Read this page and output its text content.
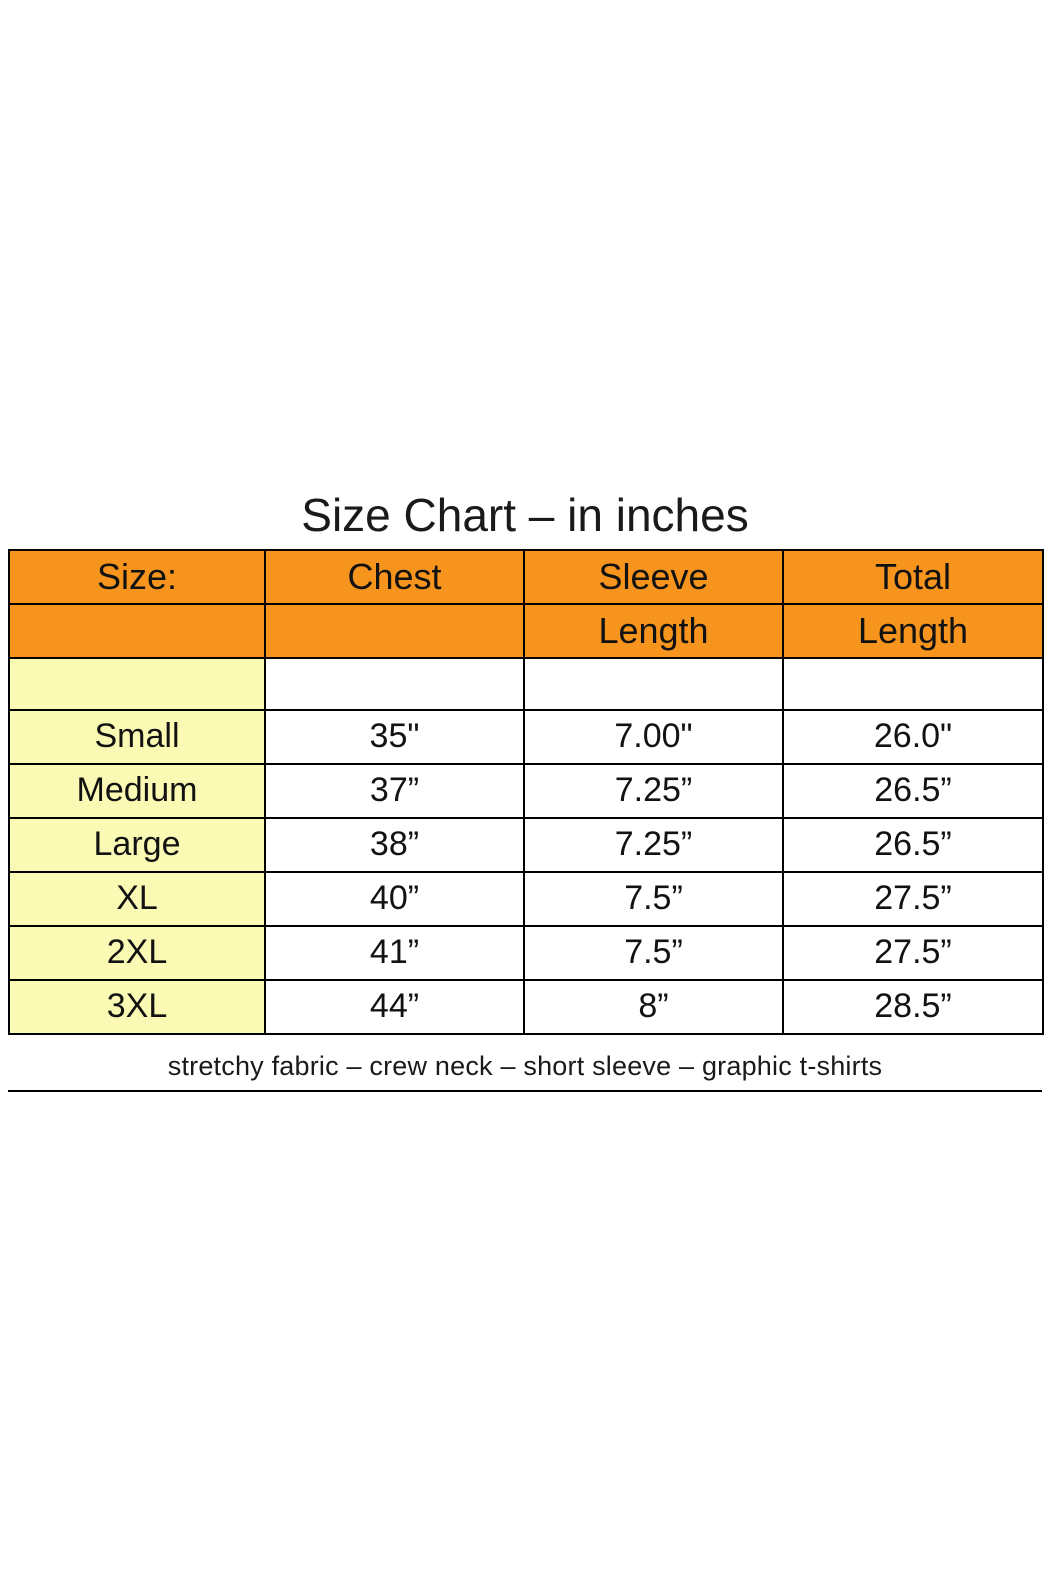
Size Chart – in inches
Size:	Chest	Sleeve	Total
		Length	Length

Small	35"	7.00"	26.0"
Medium	37”	7.25”	26.5”
Large	38”	7.25”	26.5”
XL	40”	7.5”	27.5”
2XL	41”	7.5”	27.5”
3XL	44”	8”	28.5”
stretchy fabric – crew neck – short sleeve – graphic t-shirts
